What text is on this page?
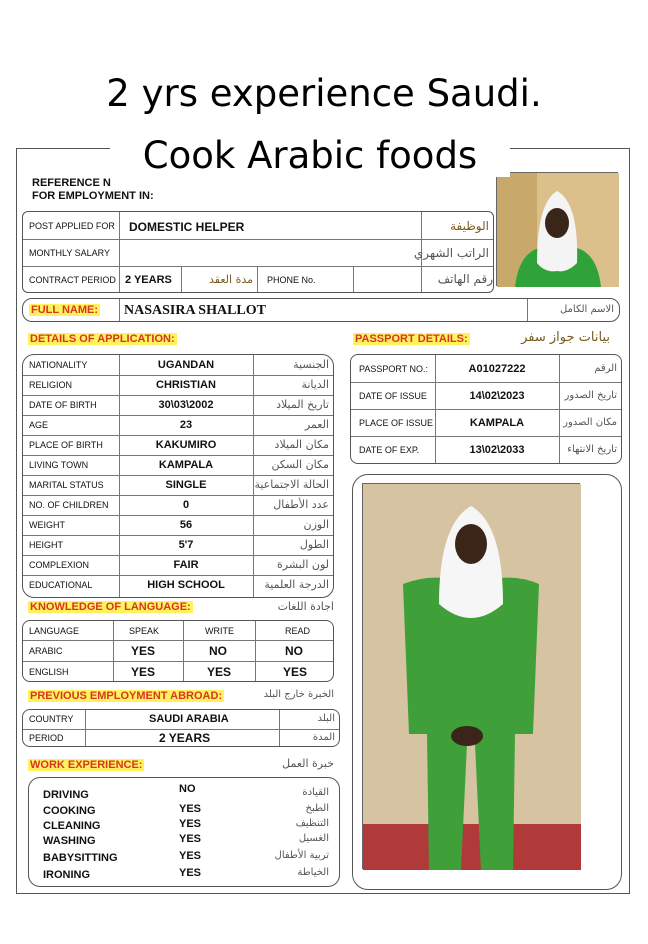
2 yrs experience Saudi.
Cook Arabic foods
REFERENCE N
FOR EMPLOYMENT IN:
POST APPLIED FOR DOMESTIC HELPER	الوظيفة
MONTHLY SALARY	الراتب الشهري
CONTRACT PERIOD 2 YEARS	مدة العقد PHONE No.	رقم الهاتف
FULL NAME: NASASIRA SHALLOT	الاسم الكامل
DETAILS OF APPLICATION:	PASSPORT DETAILS:	بيانات جواز سفر
NATIONALITY	UGANDAN	الجنسية
RELIGION	CHRISTIAN	الديانة
DATE OF BIRTH	30\03\2002	تاريخ الميلاد
AGE	23	العمر
PLACE OF BIRTH	KAKUMIRO	مكان الميلاد
LIVING TOWN	KAMPALA	مكان السكن
MARITAL STATUS	SINGLE	الحالة الاجتماعية
NO. OF CHILDREN	0	عدد الأطفال
WEIGHT	56	الوزن
HEIGHT	5'7	الطول
COMPLEXION	FAIR	لون البشرة
EDUCATIONAL	HIGH SCHOOL	الدرجة العلمية
PASSPORT NO.:	A01027222	الرقم
DATE OF ISSUE	14\02\2023	تاريخ الصدور
PLACE OF ISSUE	KAMPALA	مكان الصدور
DATE OF EXP.	13\02\2033	تاريخ الانتهاء
KNOWLEDGE OF LANGUAGE:	اجادة اللغات
LANGUAGE	SPEAK	WRITE	READ
ARABIC	YES	NO	NO
ENGLISH	YES	YES	YES
PREVIOUS EMPLOYMENT ABROAD:	الخبرة خارج البلد
COUNTRY	SAUDI ARABIA	البلد
PERIOD	2 YEARS	المدة
WORK EXPERIENCE:	خبرة العمل
DRIVING	NO	القيادة
COOKING	YES	الطبخ
CLEANING	YES	التنظيف
WASHING	YES	الغسيل
BABYSITTING	YES	تربية الأطفال
IRONING	YES	الخياطة
